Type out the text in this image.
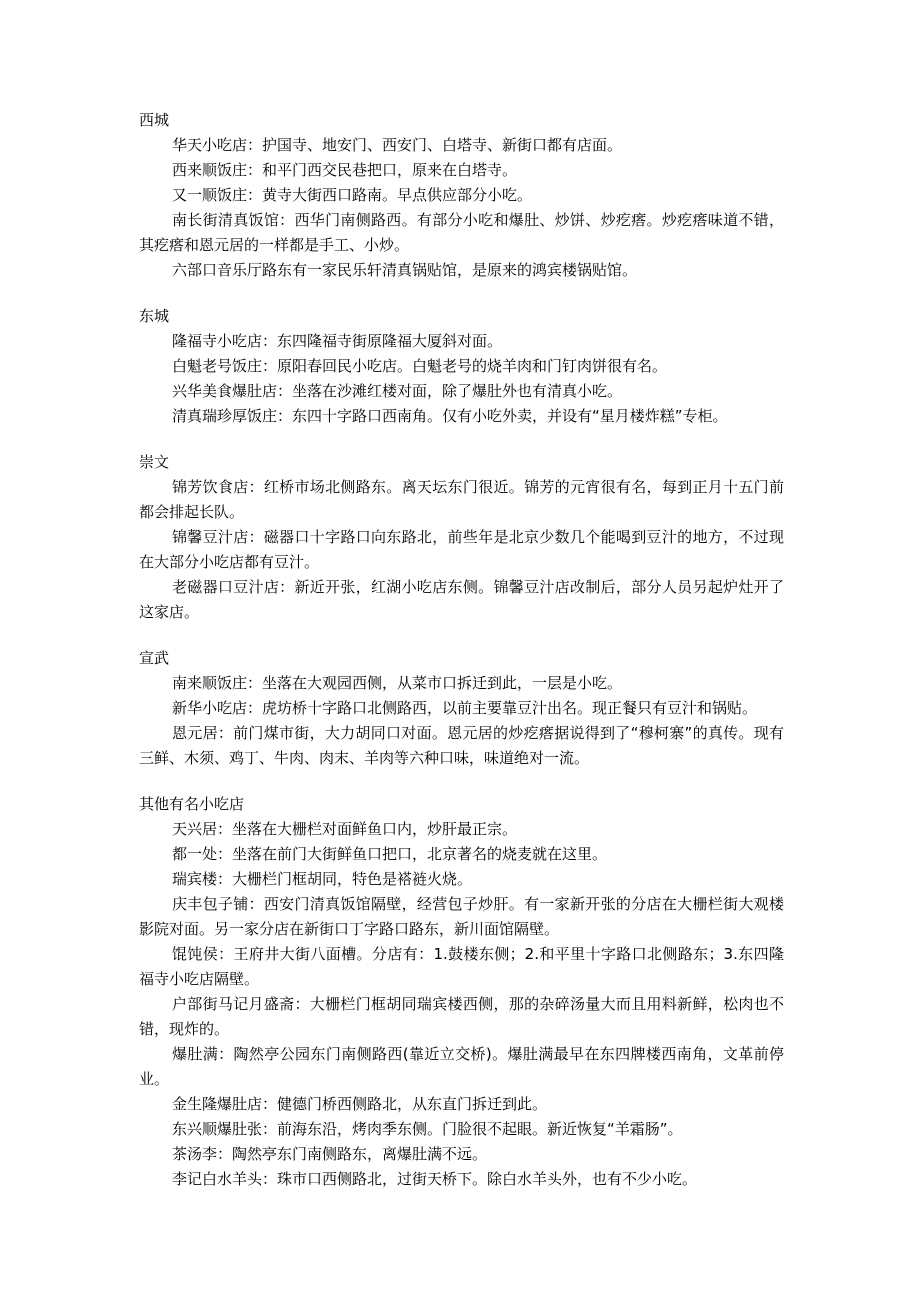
西城

华天小吃店：护国寺、地安门、西安门、白塔寺、新街口都有店面。

西来顺饭庄：和平门西交民巷把口，原来在白塔寺。

又一顺饭庄：黄寺大街西口路南。早点供应部分小吃。

南长街清真饭馆：西华门南侧路西。有部分小吃和爆肚、炒饼、炒疙瘩。炒疙瘩味道不错，其疙瘩和恩元居的一样都是手工、小炒。

六部口音乐厅路东有一家民乐轩清真锅贴馆，是原来的鸿宾楼锅贴馆。

东城

隆福寺小吃店：东四隆福寺街原隆福大厦斜对面。

白魁老号饭庄：原阳春回民小吃店。白魁老号的烧羊肉和门钉肉饼很有名。

兴华美食爆肚店：坐落在沙滩红楼对面，除了爆肚外也有清真小吃。

清真瑞珍厚饭庄：东四十字路口西南角。仅有小吃外卖，并设有“星月楼炸糕”专柜。

崇文

锦芳饮食店：红桥市场北侧路东。离天坛东门很近。锦芳的元宵很有名，每到正月十五门前都会排起长队。

锦馨豆汁店：磁器口十字路口向东路北，前些年是北京少数几个能喝到豆汁的地方，不过现在大部分小吃店都有豆汁。

老磁器口豆汁店：新近开张，红湖小吃店东侧。锦馨豆汁店改制后，部分人员另起炉灶开了这家店。

宣武

南来顺饭庄：坐落在大观园西侧，从菜市口拆迁到此，一层是小吃。

新华小吃店：虎坊桥十字路口北侧路西，以前主要靠豆汁出名。现正餐只有豆汁和锅贴。

恩元居：前门煤市街，大力胡同口对面。恩元居的炒疙瘩据说得到了“穆柯寨”的真传。现有三鲜、木须、鸡丁、牛肉、肉末、羊肉等六种口味，味道绝对一流。

其他有名小吃店

天兴居：坐落在大栅栏对面鲜鱼口内，炒肝最正宗。

都一处：坐落在前门大街鲜鱼口把口，北京著名的烧麦就在这里。

瑞宾楼：大栅栏门框胡同，特色是褡裢火烧。

庆丰包子铺：西安门清真饭馆隔壁，经营包子炒肝。有一家新开张的分店在大栅栏街大观楼影院对面。另一家分店在新街口丁字路口路东，新川面馆隔壁。

馄饨侯：王府井大街八面槽。分店有：1.鼓楼东侧；2.和平里十字路口北侧路东；3.东四隆福寺小吃店隔壁。

户部街马记月盛斋：大栅栏门框胡同瑞宾楼西侧，那的杂碎汤量大而且用料新鲜，松肉也不错，现炸的。

爆肚满：陶然亭公园东门南侧路西(靠近立交桥)。爆肚满最早在东四牌楼西南角，文革前停业。

金生隆爆肚店：健德门桥西侧路北，从东直门拆迁到此。

东兴顺爆肚张：前海东沿，烤肉季东侧。门脸很不起眼。新近恢复“羊霜肠”。

茶汤李：陶然亭东门南侧路东，离爆肚满不远。

李记白水羊头：珠市口西侧路北，过街天桥下。除白水羊头外，也有不少小吃。
